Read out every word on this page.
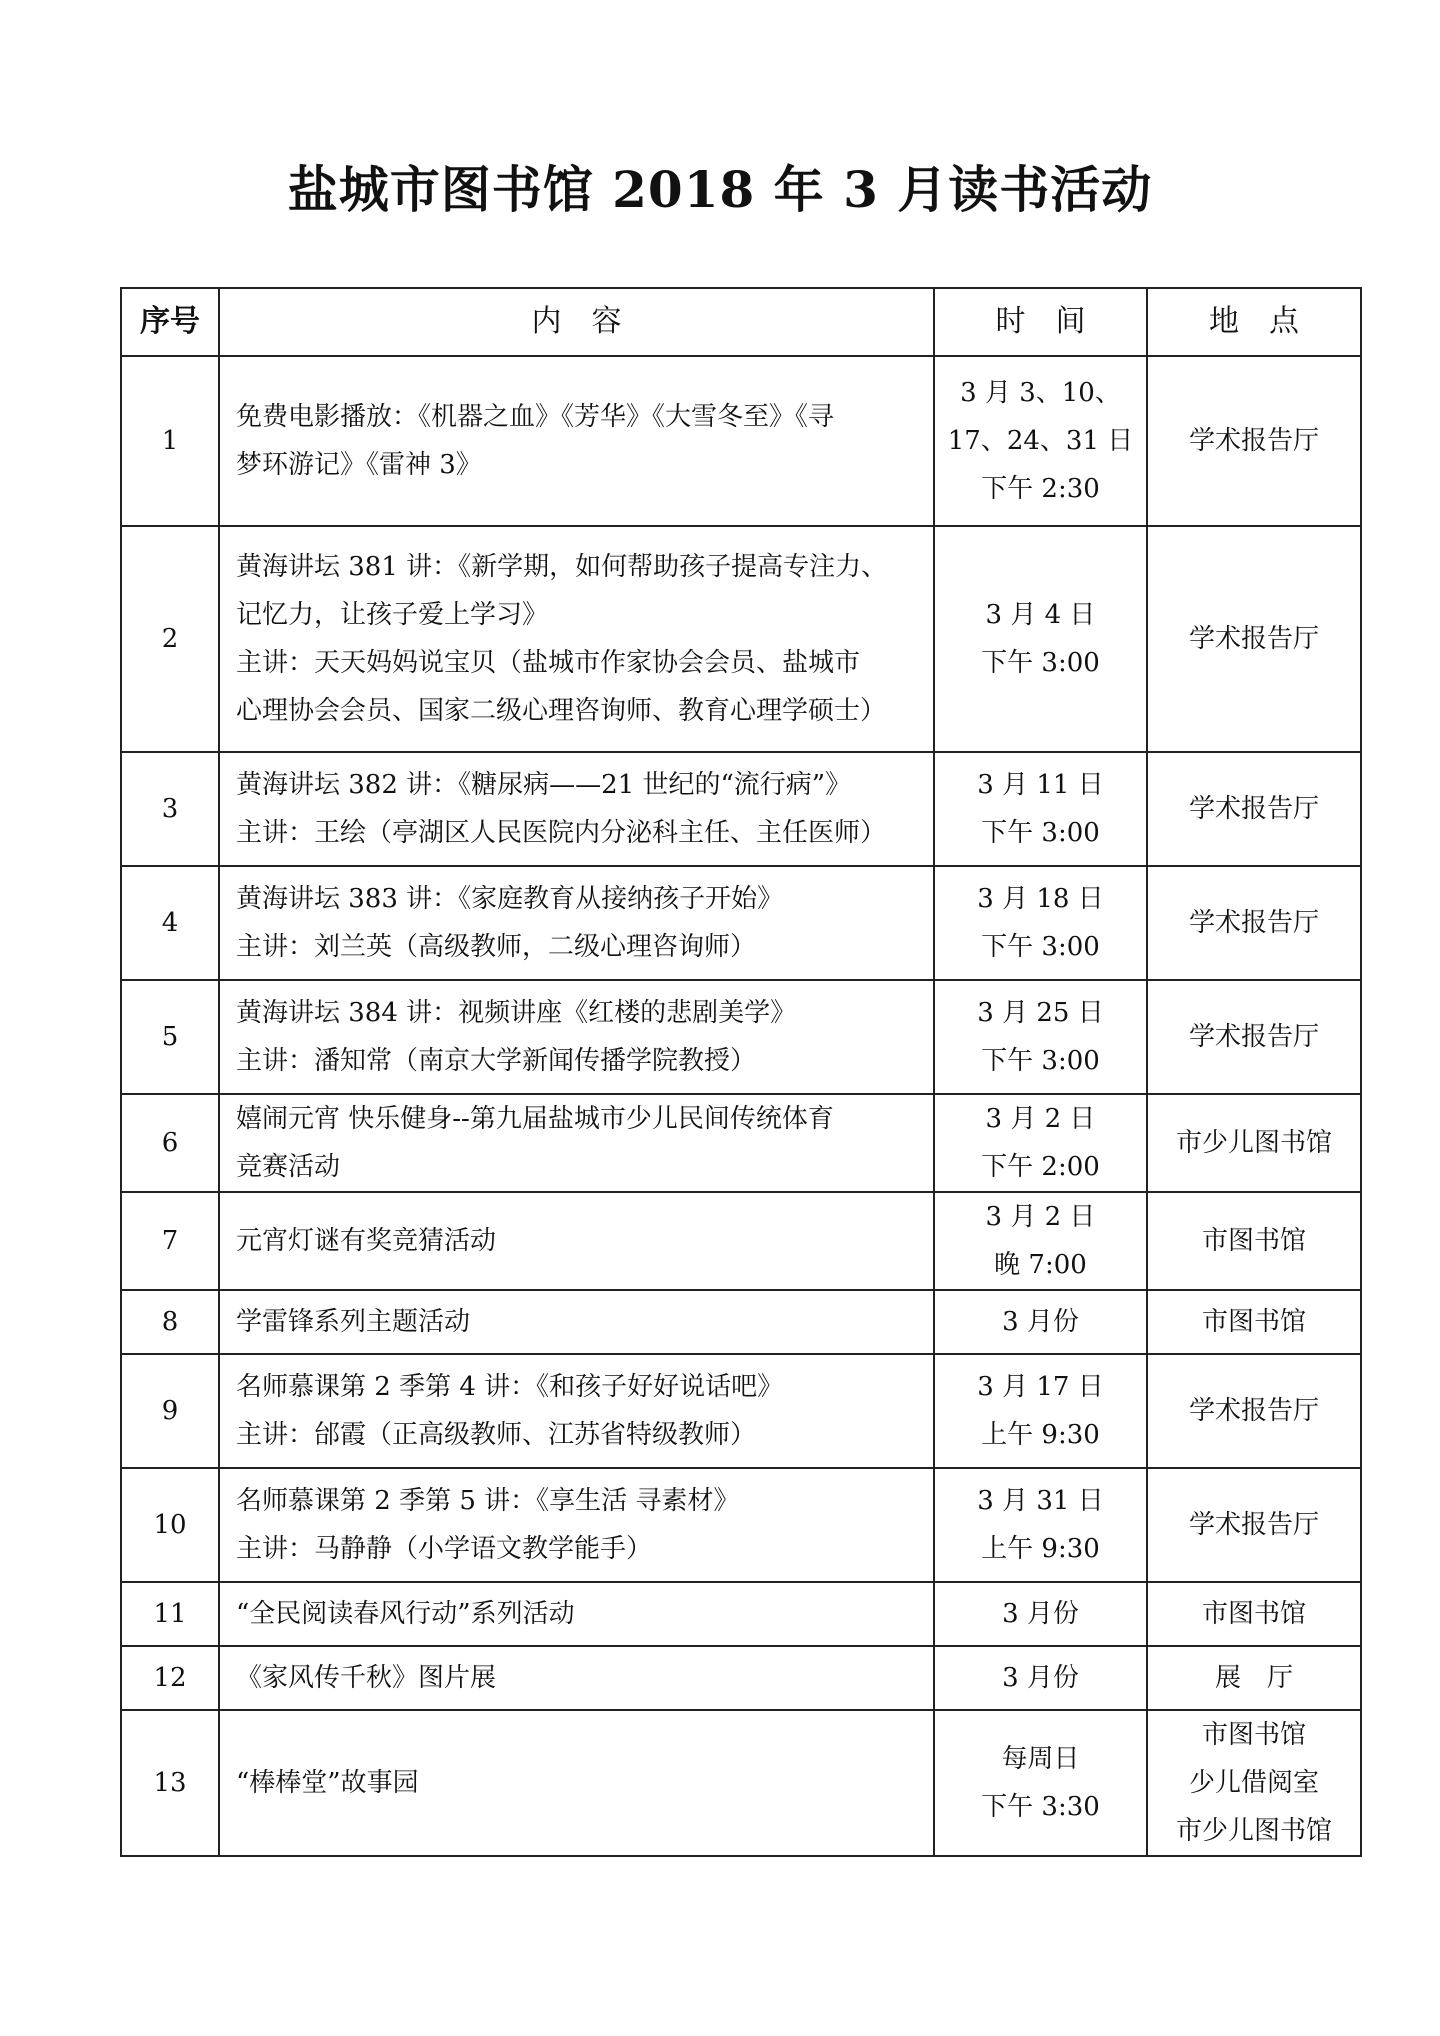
盐城市图书馆 2018 年 3 月读书活动
序号	内　容	时　间	地　点
1	免费电影播放：《机器之血》《芳华》《大雪冬至》《寻
梦环游记》《雷神 3》	3 月 3、10、
17、24、31 日
下午 2:30	学术报告厅

2	黄海讲坛 381 讲：《新学期，如何帮助孩子提高专注力、
记忆力，让孩子爱上学习》
主讲：天天妈妈说宝贝（盐城市作家协会会员、盐城市
心理协会会员、国家二级心理咨询师、教育心理学硕士）	3 月 4 日
下午 3:00	学术报告厅

3	黄海讲坛 382 讲：《糖尿病——21 世纪的“流行病”》
主讲：王绘（亭湖区人民医院内分泌科主任、主任医师）	3 月 11 日
下午 3:00	学术报告厅

4	黄海讲坛 383 讲：《家庭教育从接纳孩子开始》
主讲：刘兰英（高级教师，二级心理咨询师）	3 月 18 日
下午 3:00	学术报告厅

5	黄海讲坛 384 讲：视频讲座《红楼的悲剧美学》
主讲：潘知常（南京大学新闻传播学院教授）	3 月 25 日
下午 3:00	学术报告厅

6	嬉闹元宵 快乐健身--第九届盐城市少儿民间传统体育
竞赛活动	3 月 2 日
下午 2:00	市少儿图书馆

7	元宵灯谜有奖竞猜活动	3 月 2 日
晚 7:00	市图书馆

8	学雷锋系列主题活动	3 月份	市图书馆

9	名师慕课第 2 季第 4 讲：《和孩子好好说话吧》
主讲：邰霞（正高级教师、江苏省特级教师）	3 月 17 日
上午 9:30	学术报告厅

10	名师慕课第 2 季第 5 讲：《享生活 寻素材》
主讲：马静静（小学语文教学能手）	3 月 31 日
上午 9:30	学术报告厅

11	“全民阅读春风行动”系列活动	3 月份	市图书馆

12	《家风传千秋》图片展	3 月份	展　厅

13	“棒棒堂”故事园	每周日
下午 3:30	市图书馆
少儿借阅室
市少儿图书馆
